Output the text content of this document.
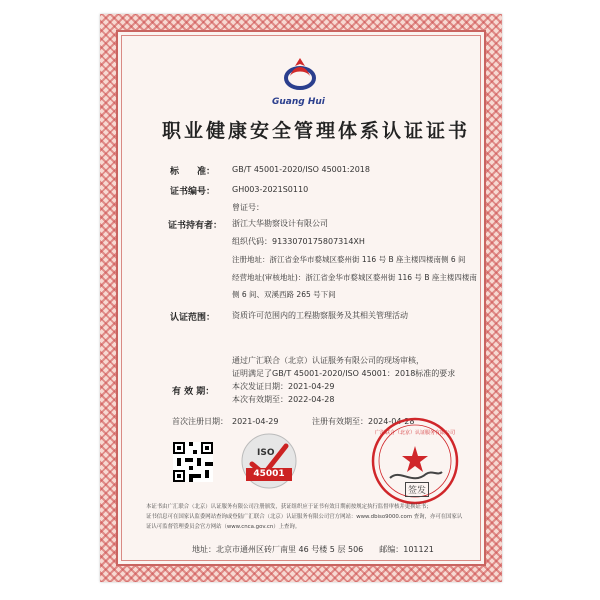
Guang Hui
职业健康安全管理体系认证证书
标　　准： GB/T 45001-2020/ISO 45001:2018
证书编号： GH003-2021S0110
曾证号：
证书持有者： 浙江大华勘察设计有限公司
组织代码：9133070175807314XH
注册地址：浙江省金华市婺城区婺州街 116 号 B 座主楼四楼南侧 6 间
经营地址(审核地址)：浙江省金华市婺城区婺州街 116 号 B 座主楼四楼南
侧 6 间、双溪西路 265 号下间
认证范围： 资质许可范围内的工程勘察服务及其相关管理活动
通过广汇联合（北京）认证服务有限公司的现场审核，
证明满足了GB/T 45001-2020/ISO 45001：2018标准的要求
有 效 期：
本次发证日期：2021-04-29
本次有效期至：2022-04-28
首次注册日期：　2021-04-29	注册有效期至：2024-04-28
ISO
45001
广汇联合（北京）认证服务有限公司
签发
本证书由广汇联合（北京）认证服务有限公司注册颁发，获证组织应于证书有效日期前按规定执行监督审核并更换证书；
证书信息可在国家认监委网站查询或登陆广汇联合（北京）认证服务有限公司官方网站：www.dbiso9000.com 查询，亦可在国家认
证认可监督管理委员会官方网站（www.cnca.gov.cn）上查询。
地址：北京市通州区砖厂南里 46 号楼 5 层 506　　邮编：101121
